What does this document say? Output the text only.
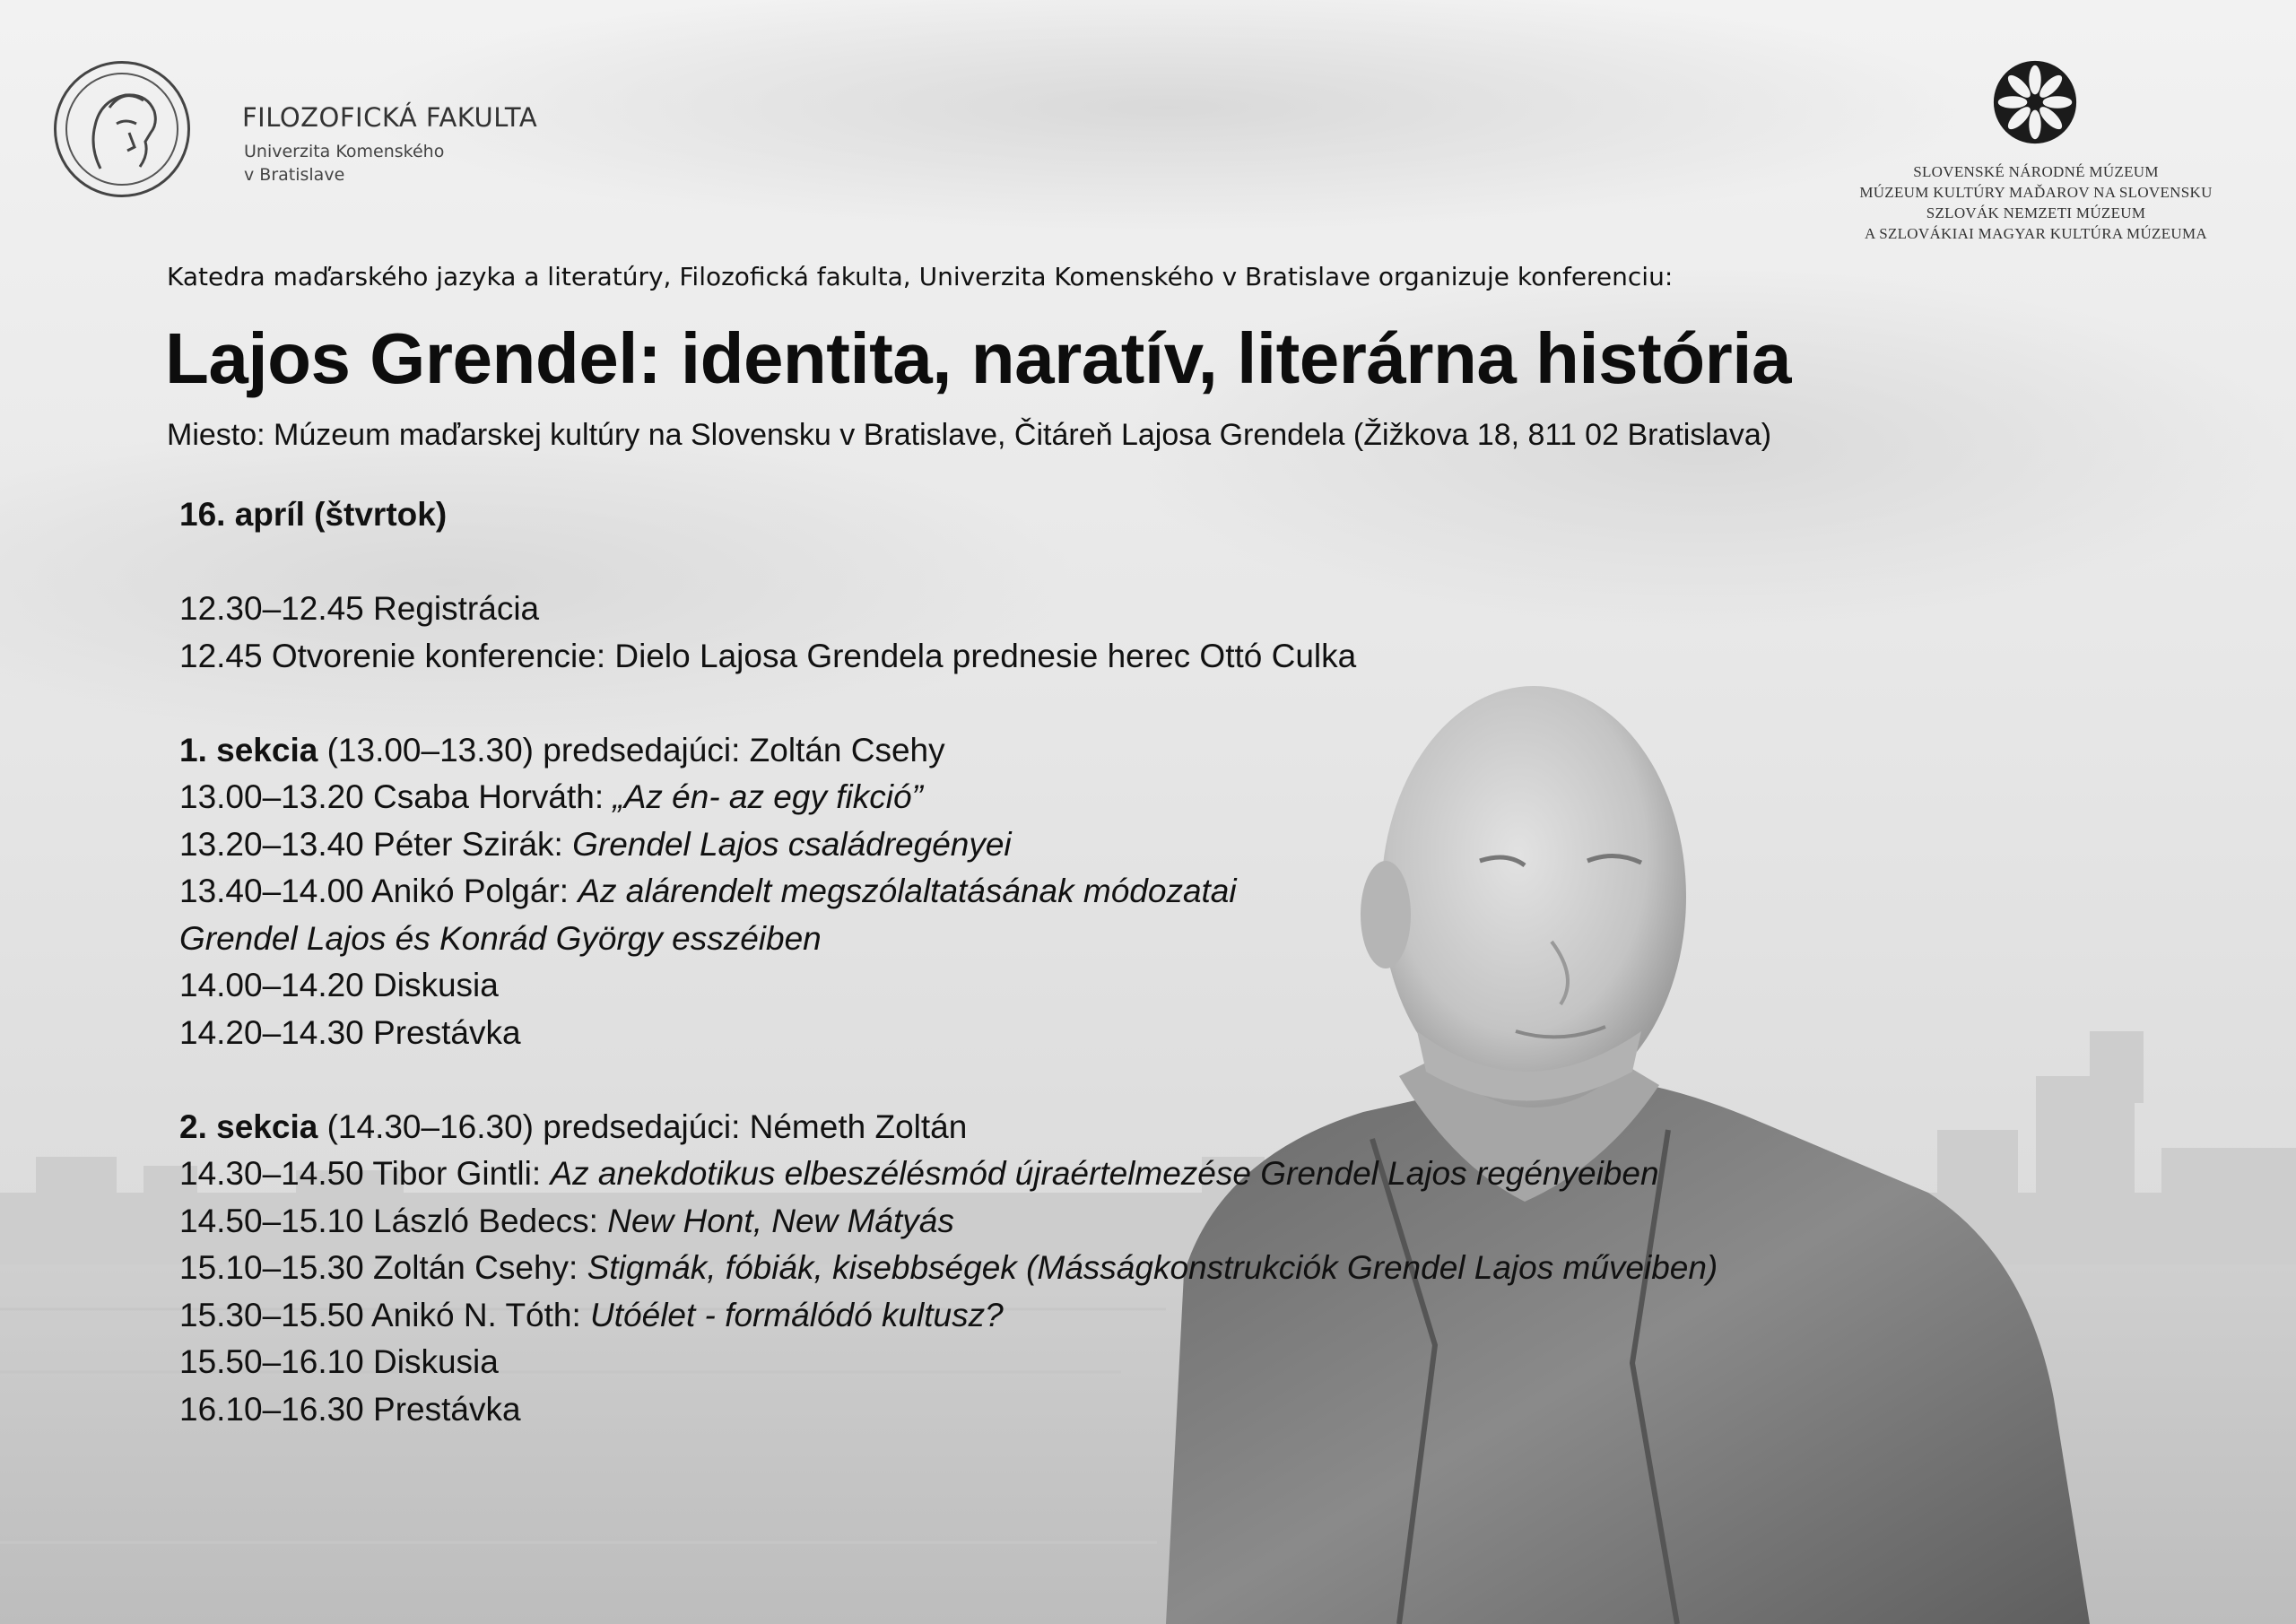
FILOZOFICKÁ FAKULTA
Univerzita Komenského
v Bratislave	SLOVENSKÉ NÁRODNÉ MÚZEUM
MÚZEUM KULTÚRY MAĎAROV NA SLOVENSKU
SZLOVÁK NEMZETI MÚZEUM
A SZLOVÁKIAI MAGYAR KULTÚRA MÚZEUMA
Katedra maďarského jazyka a literatúry, Filozofická fakulta, Univerzita Komenského v Bratislave organizuje konferenciu:
Lajos Grendel: identita, naratív, literárna história
Miesto: Múzeum maďarskej kultúry na Slovensku v Bratislave, Čitáreň Lajosa Grendela (Žižkova 18, 811 02 Bratislava)
16. apríl (štvrtok)
12.30–12.45 Registrácia
12.45 Otvorenie konferencie: Dielo Lajosa Grendela prednesie herec Ottó Culka
1. sekcia (13.00–13.30) predsedajúci: Zoltán Csehy
13.00–13.20 Csaba Horváth: „Az én- az egy fikció”
13.20–13.40 Péter Szirák: Grendel Lajos családregényei
13.40–14.00 Anikó Polgár: Az alárendelt megszólaltatásának módozatai
Grendel Lajos és Konrád György esszéiben
14.00–14.20 Diskusia
14.20–14.30 Prestávka
2. sekcia (14.30–16.30) predsedajúci: Németh Zoltán
14.30–14.50 Tibor Gintli: Az anekdotikus elbeszélésmód újraértelmezése Grendel Lajos regényeiben
14.50–15.10 László Bedecs: New Hont, New Mátyás
15.10–15.30 Zoltán Csehy: Stigmák, fóbiák, kisebbségek (Másságkonstrukciók Grendel Lajos műveiben)
15.30–15.50 Anikó N. Tóth: Utóélet - formálódó kultusz?
15.50–16.10 Diskusia
16.10–16.30 Prestávka
